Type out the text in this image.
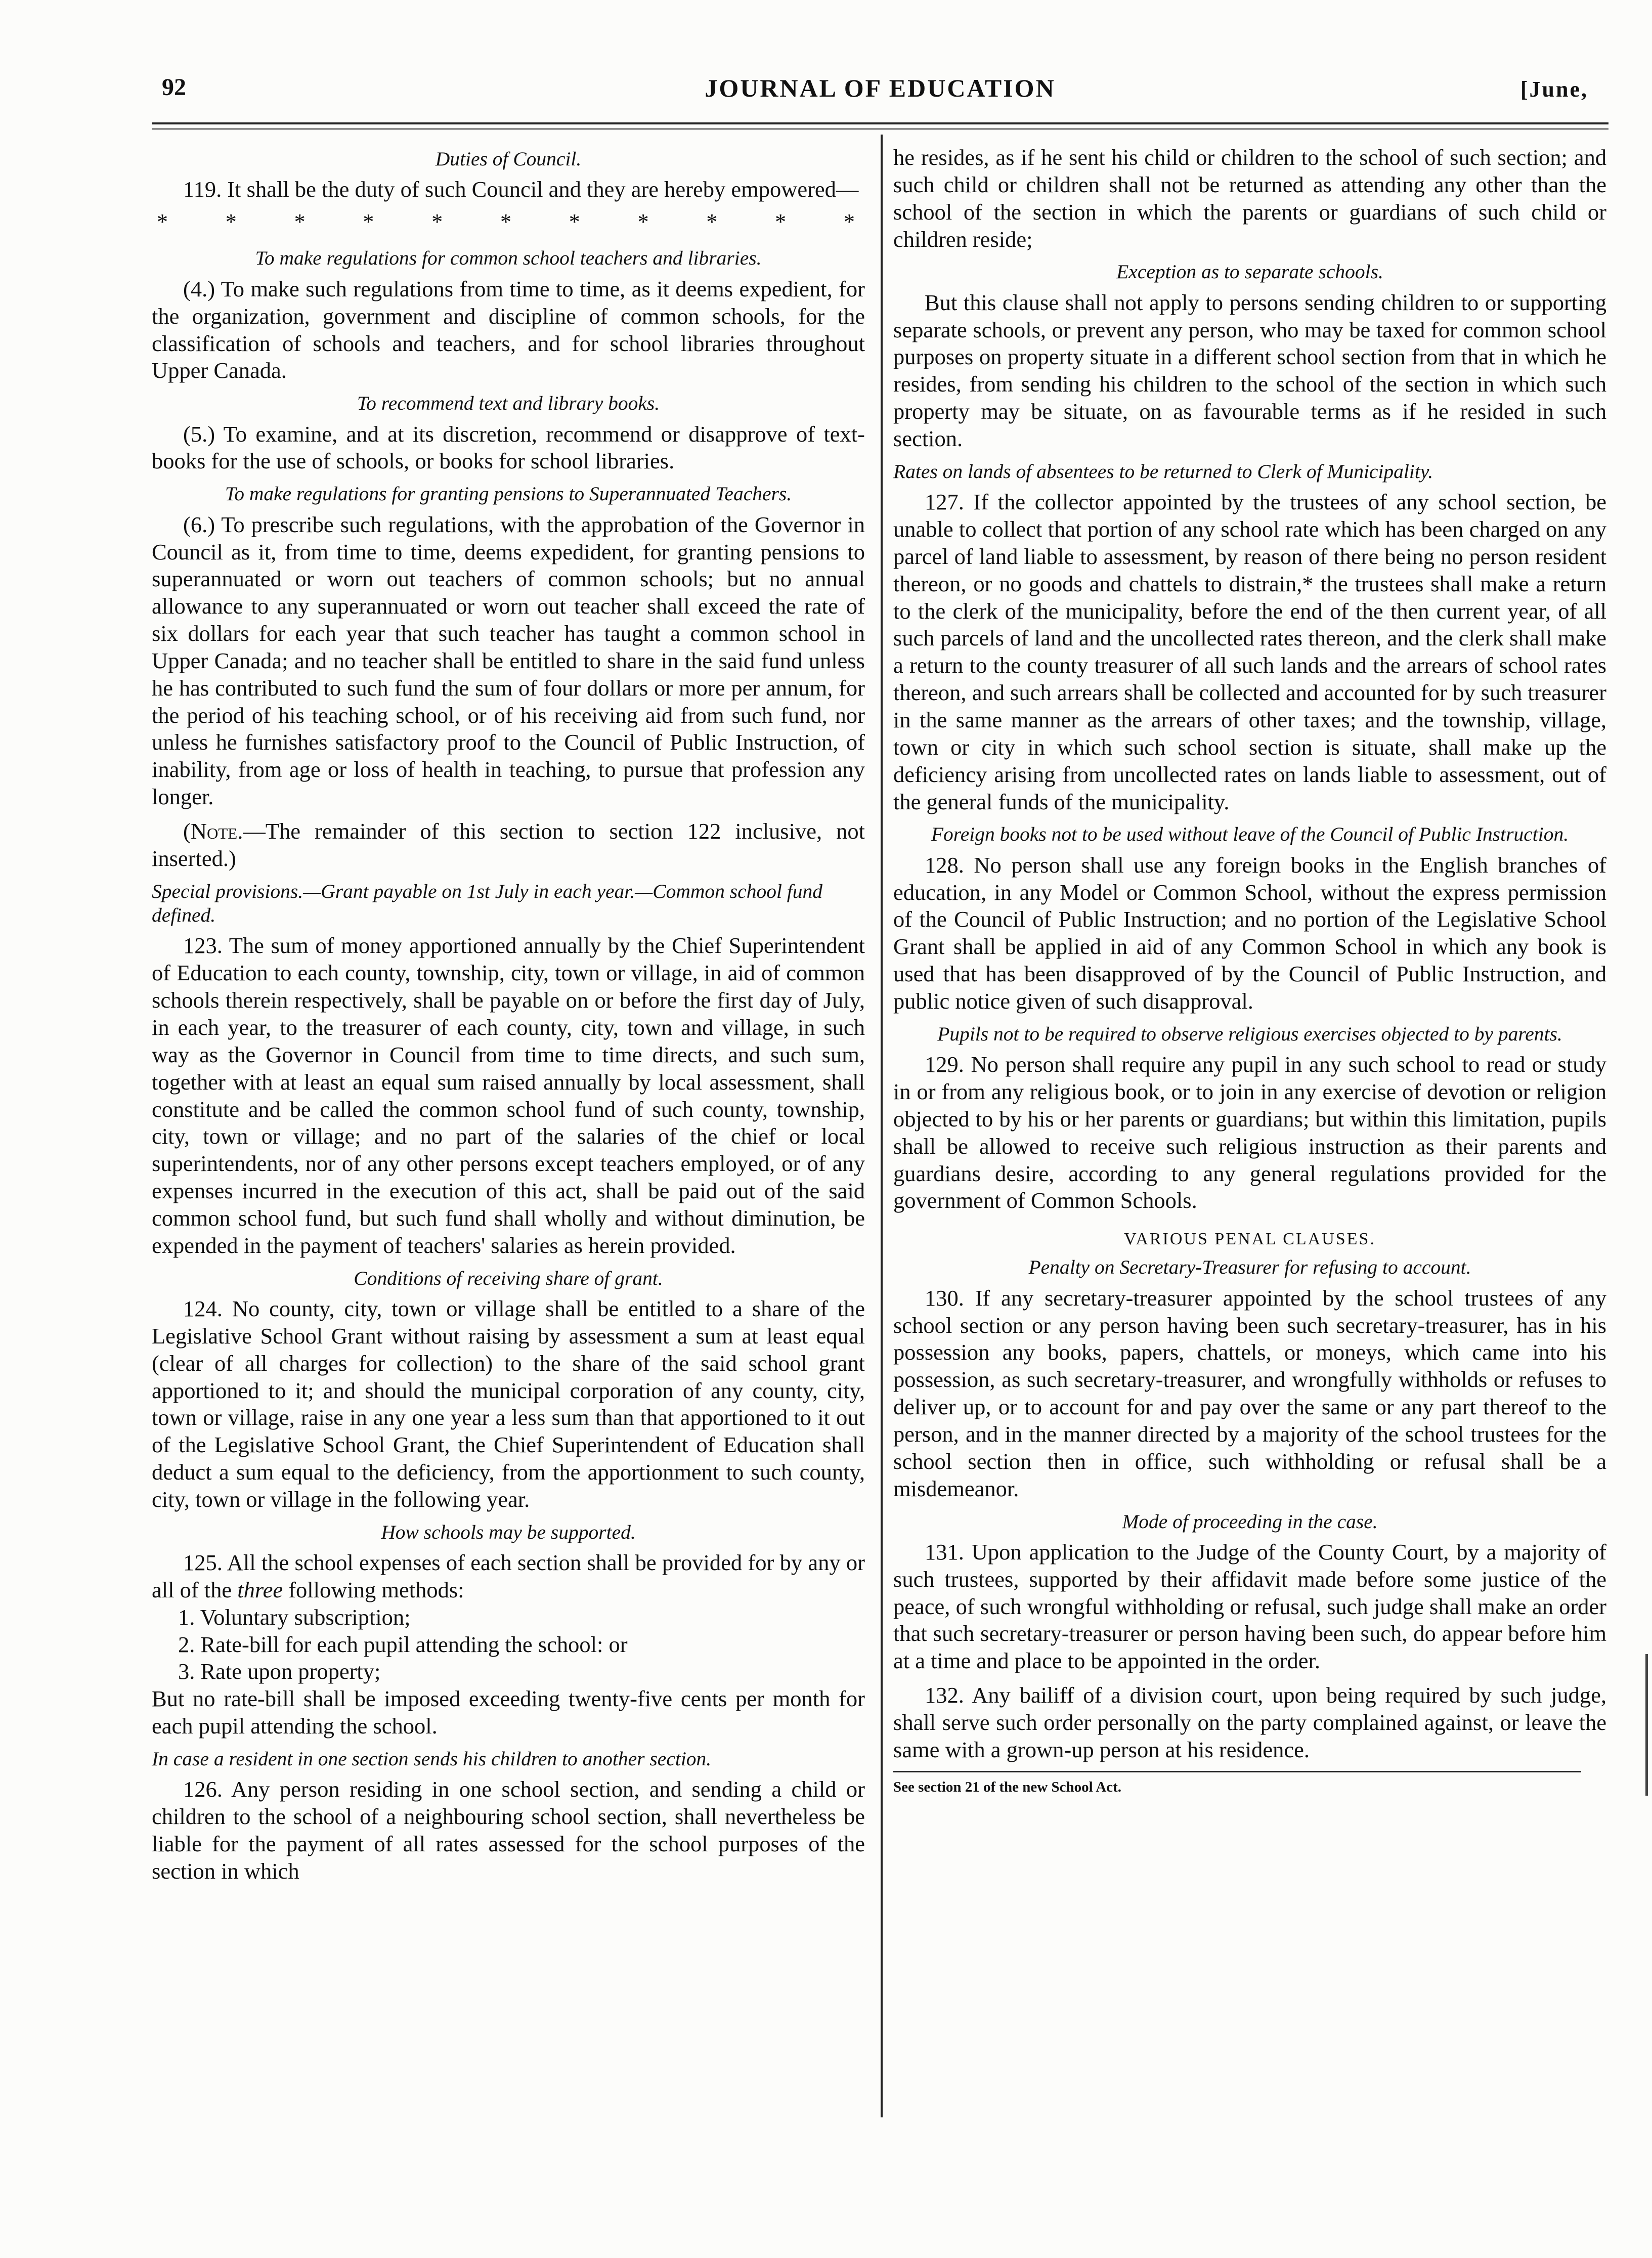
92	JOURNAL OF EDUCATION	[June,
Duties of Council.

119. It shall be the duty of such Council and they are hereby empowered—

*	*	*	*	*	*	*	*	*	*	*
To make regulations for common school teachers and libraries.

(4.) To make such regulations from time to time, as it deems expedient, for the organization, government and discipline of common schools, for the classification of schools and teachers, and for school libraries throughout Upper Canada.

To recommend text and library books.

(5.) To examine, and at its discretion, recommend or disapprove of text-books for the use of schools, or books for school libraries.

To make regulations for granting pensions to Superannuated Teachers.

(6.) To prescribe such regulations, with the approbation of the Governor in Council as it, from time to time, deems expedident, for granting pensions to superannuated or worn out teachers of common schools; but no annual allowance to any superannuated or worn out teacher shall exceed the rate of six dollars for each year that such teacher has taught a common school in Upper Canada; and no teacher shall be entitled to share in the said fund unless he has contributed to such fund the sum of four dollars or more per annum, for the period of his teaching school, or of his receiving aid from such fund, nor unless he furnishes satisfactory proof to the Council of Public Instruction, of inability, from age or loss of health in teaching, to pursue that profession any longer.

(Note.—The remainder of this section to section 122 inclusive, not inserted.)

Special provisions.—Grant payable on 1st July in each year.—Common school fund defined.

123. The sum of money apportioned annually by the Chief Superintendent of Education to each county, township, city, town or village, in aid of common schools therein respectively, shall be payable on or before the first day of July, in each year, to the treasurer of each county, city, town and village, in such way as the Governor in Council from time to time directs, and such sum, together with at least an equal sum raised annually by local assessment, shall constitute and be called the common school fund of such county, township, city, town or village; and no part of the salaries of the chief or local superintendents, nor of any other persons except teachers employed, or of any expenses incurred in the execution of this act, shall be paid out of the said common school fund, but such fund shall wholly and without diminution, be expended in the payment of teachers' salaries as herein provided.

Conditions of receiving share of grant.

124. No county, city, town or village shall be entitled to a share of the Legislative School Grant without raising by assessment a sum at least equal (clear of all charges for collection) to the share of the said school grant apportioned to it; and should the municipal corporation of any county, city, town or village, raise in any one year a less sum than that apportioned to it out of the Legislative School Grant, the Chief Superintendent of Education shall deduct a sum equal to the deficiency, from the apportionment to such county, city, town or village in the following year.

How schools may be supported.

125. All the school expenses of each section shall be provided for by any or all of the three following methods:

1. Voluntary subscription;

2. Rate-bill for each pupil attending the school: or

3. Rate upon property;

But no rate-bill shall be imposed exceeding twenty-five cents per month for each pupil attending the school.

In case a resident in one section sends his children to another section.

126. Any person residing in one school section, and sending a child or children to the school of a neighbouring school section, shall nevertheless be liable for the payment of all rates assessed for the school purposes of the section in which

he resides, as if he sent his child or children to the school of such section; and such child or children shall not be returned as attending any other than the school of the section in which the parents or guardians of such child or children reside;

Exception as to separate schools.

But this clause shall not apply to persons sending children to or supporting separate schools, or prevent any person, who may be taxed for common school purposes on property situate in a different school section from that in which he resides, from sending his children to the school of the section in which such property may be situate, on as favourable terms as if he resided in such section.

Rates on lands of absentees to be returned to Clerk of Municipality.

127. If the collector appointed by the trustees of any school section, be unable to collect that portion of any school rate which has been charged on any parcel of land liable to assessment, by reason of there being no person resident thereon, or no goods and chattels to distrain,* the trustees shall make a return to the clerk of the municipality, before the end of the then current year, of all such parcels of land and the uncollected rates thereon, and the clerk shall make a return to the county treasurer of all such lands and the arrears of school rates thereon, and such arrears shall be collected and accounted for by such treasurer in the same manner as the arrears of other taxes; and the township, village, town or city in which such school section is situate, shall make up the deficiency arising from uncollected rates on lands liable to assessment, out of the general funds of the municipality.

Foreign books not to be used without leave of the Council of Public Instruction.

128. No person shall use any foreign books in the English branches of education, in any Model or Common School, without the express permission of the Council of Public Instruction; and no portion of the Legislative School Grant shall be applied in aid of any Common School in which any book is used that has been disapproved of by the Council of Public Instruction, and public notice given of such disapproval.

Pupils not to be required to observe religious exercises objected to by parents.

129. No person shall require any pupil in any such school to read or study in or from any religious book, or to join in any exercise of devotion or religion objected to by his or her parents or guardians; but within this limitation, pupils shall be allowed to receive such religious instruction as their parents and guardians desire, according to any general regulations provided for the government of Common Schools.

VARIOUS PENAL CLAUSES.
Penalty on Secretary-Treasurer for refusing to account.

130. If any secretary-treasurer appointed by the school trustees of any school section or any person having been such secretary-treasurer, has in his possession any books, papers, chattels, or moneys, which came into his possession, as such secretary-treasurer, and wrongfully withholds or refuses to deliver up, or to account for and pay over the same or any part thereof to the person, and in the manner directed by a majority of the school trustees for the school section then in office, such withholding or refusal shall be a misdemeanor.

Mode of proceeding in the case.

131. Upon application to the Judge of the County Court, by a majority of such trustees, supported by their affidavit made before some justice of the peace, of such wrongful withholding or refusal, such judge shall make an order that such secretary-treasurer or person having been such, do appear before him at a time and place to be appointed in the order.

132. Any bailiff of a division court, upon being required by such judge, shall serve such order personally on the party complained against, or leave the same with a grown-up person at his residence.

See section 21 of the new School Act.
